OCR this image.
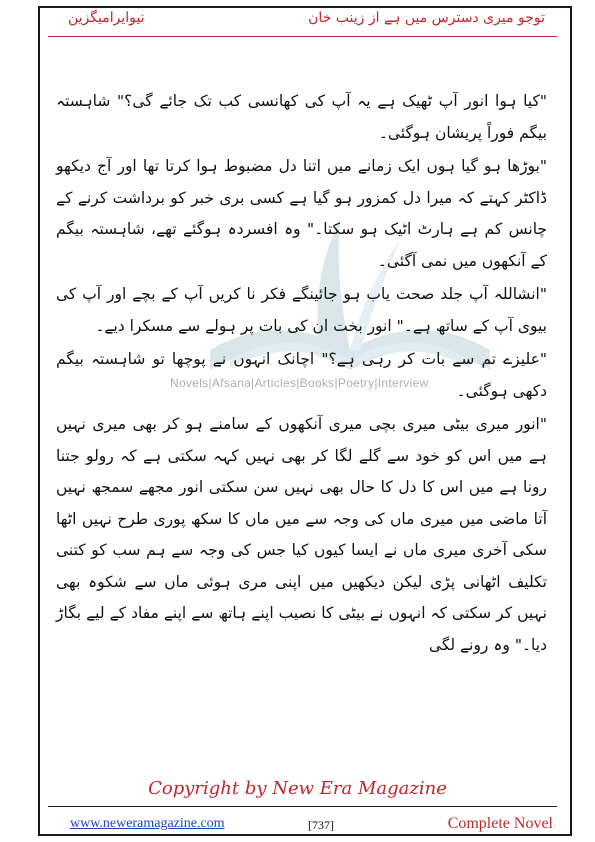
نیوایرامیگزین	توجو میری دسترس میں ہے از زینب خان
Novels|Afsana|Articles|Books|Poetry|Interview

"کیا ہوا انور آپ ٹھیک ہے یہ آپ کی کھانسی کب تک جائے گی؟" شاہستہ بیگم فوراً پریشان ہوگئی۔

"بوڑھا ہو گیا ہوں ایک زمانے میں اتنا دل مضبوط ہوا کرتا تھا اور آج دیکھو ڈاکٹر کہتے کہ میرا دل کمزور ہو گیا ہے کسی بری خبر کو برداشت کرنے کے چانس کم ہے ہارٹ اٹیک ہو سکتا۔" وہ افسردہ ہوگئے تھے، شاہستہ بیگم کے آنکھوں میں نمی آگئی۔

"انشاللہ آپ جلد صحت یاب ہو جائینگے فکر نا کریں آپ کے بچے اور آپ کی بیوی آپ کے ساتھ ہے۔" انور بخت ان کی بات پر ہولے سے مسکرا دیے۔

"علیزے تم سے بات کر رہی ہے؟" اچانک انہوں نے پوچھا تو شاہستہ بیگم دکھی ہوگئی۔

"انور میری بیٹی میری بچی میری آنکھوں کے سامنے ہو کر بھی میری نہیں ہے میں اس کو خود سے گلے لگا کر بھی نہیں کہہ سکتی ہے کہ رولو جتنا رونا ہے میں اس کا دل کا حال بھی نہیں سن سکتی انور مجھے سمجھ نہیں آتا ماضی میں میری ماں کی وجہ سے میں ماں کا سکھ پوری طرح نہیں اٹھا سکی آخری میری ماں نے ایسا کیوں کیا جس کی وجہ سے ہم سب کو کتنی تکلیف اٹھانی پڑی لیکن دیکھیں میں اپنی مری ہوئی ماں سے شکوہ بھی نہیں کر سکتی کہ انہوں نے بیٹی کا نصیب اپنے ہاتھ سے اپنے مفاد کے لیے بگاڑ دیا۔" وہ رونے لگی

Copyright by New Era Magazine
www.neweramagazine.com	[737]	Complete Novel
